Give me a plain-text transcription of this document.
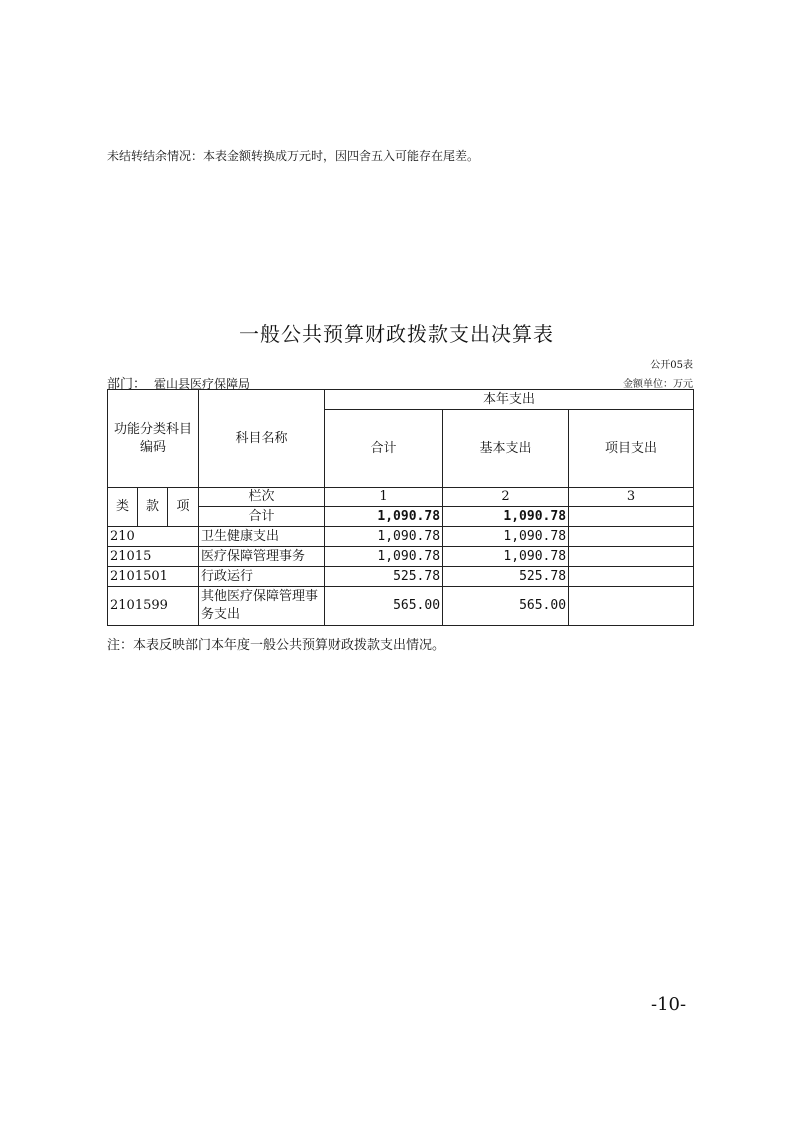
未结转结余情况：本表金额转换成万元时，因四舍五入可能存在尾差。
一般公共预算财政拨款支出决算表
公开05表
部门： 霍山县医疗保障局	金额单位：万元
功能分类科目编码			科目名称	本年支出		
				合计	基本支出	项目支出
类	款	项	栏次	1	2	3
			合计	1,090.78	1,090.78	
210			卫生健康支出	1,090.78	1,090.78	
21015			医疗保障管理事务	1,090.78	1,090.78	
2101501			行政运行	525.78	525.78	
2101599			其他医疗保障管理事务支出	565.00	565.00	
注：本表反映部门本年度一般公共预算财政拨款支出情况。
-10-
